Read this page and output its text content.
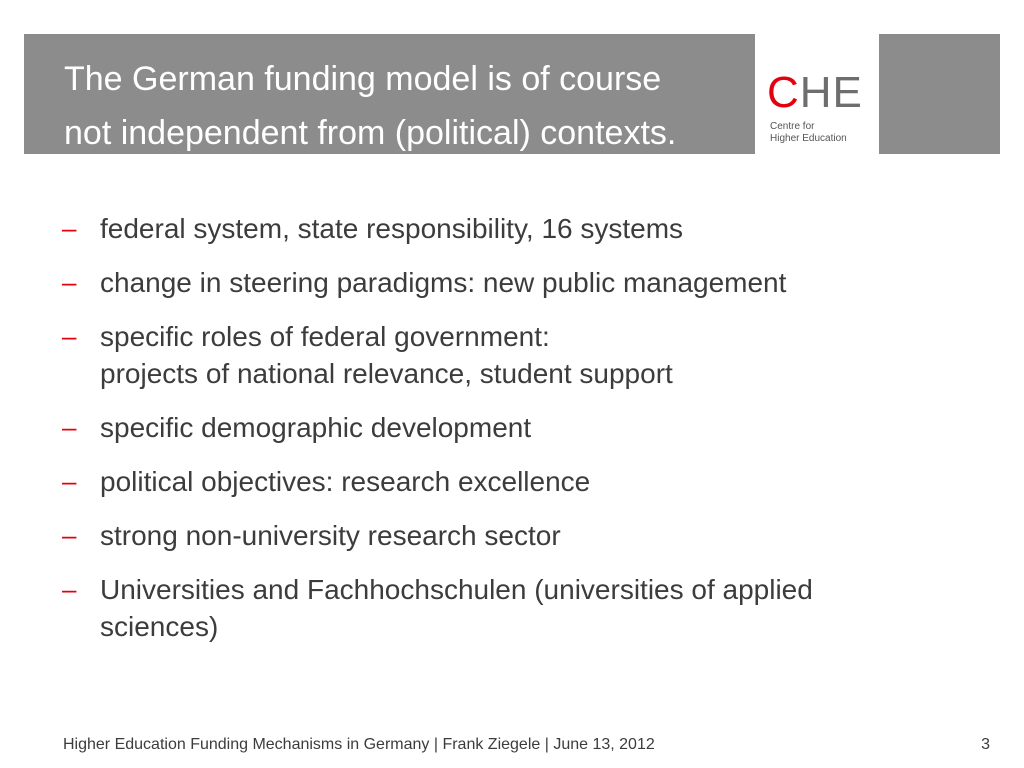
The German funding model is of course
not independent from (political) contexts.
CHE
Centre for
Higher Education
– federal system, state responsibility, 16 systems
– change in steering paradigms: new public management
– specific roles of federal government:
projects of national relevance, student support
– specific demographic development
– political objectives: research excellence
– strong non-university research sector
– Universities and Fachhochschulen (universities of applied
sciences)
Higher Education Funding Mechanisms in Germany | Frank Ziegele | June 13, 2012	3
